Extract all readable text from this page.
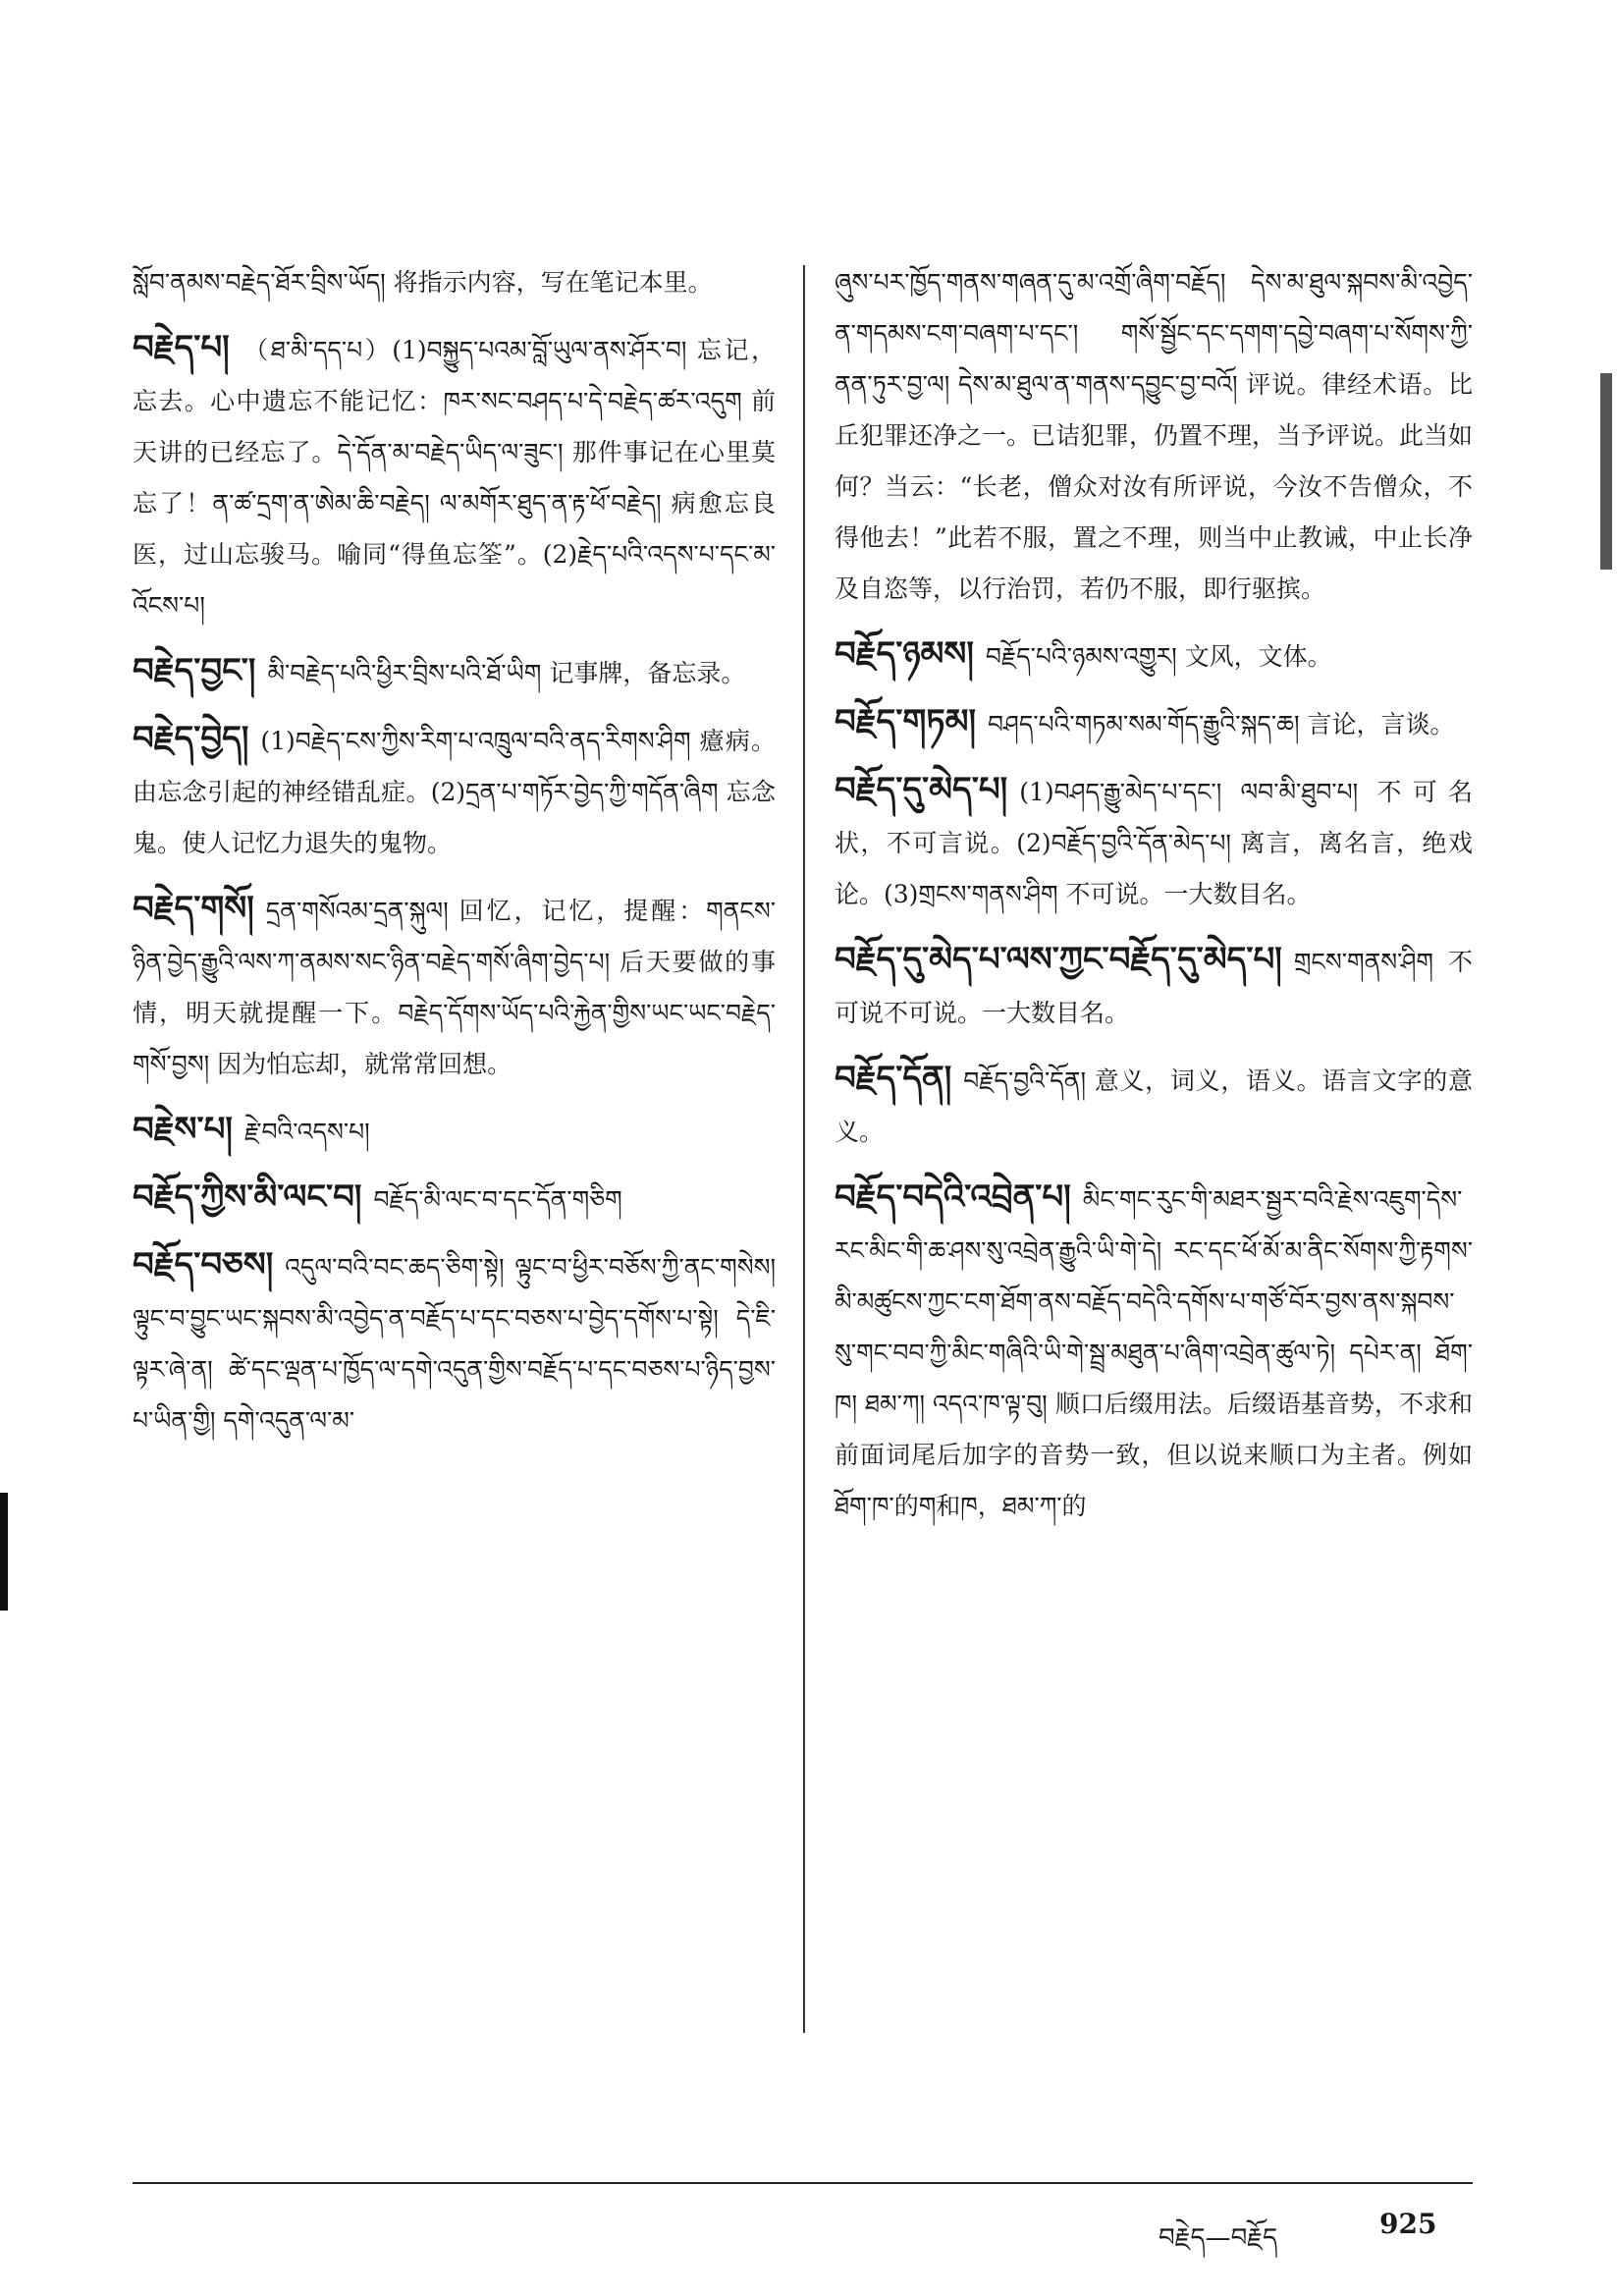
སློབ་ནམས་བརྗེད་ཐོར་བྲིས་ཡོད། 将指示内容，写在笔记本里。
བརྗེད་པ། （ཐ་མི་དད་པ）(1)བསྐྱུད་པའམ་བློ་ཡུལ་ནས་ཤོར་བ། 忘记，忘去。心中遗忘不能记忆：ཁར་སང་བཤད་པ་དེ་བརྗེད་ཚར་འདུག 前天讲的已经忘了。དེ་དོན་མ་བརྗེད་ཡིད་ལ་ཟུང་། 那件事记在心里莫忘了！ན་ཚ་དྲག་ན་ཨེམ་ཆི་བརྗེད། ལ་མགོར་ཐུད་ན་རྟ་ཕོ་བརྗེད། 病愈忘良医，过山忘骏马。喻同“得鱼忘筌”。(2)རྗེད་པའི་འདས་པ་དང་མ་འོངས་པ།
བརྗེད་བྱང་། མི་བརྗེད་པའི་ཕྱིར་བྲིས་པའི་ཐོ་ཡིག 记事牌，备忘录。
བརྗེད་བྱེད། (1)བརྗེད་ངས་ཀྱིས་རིག་པ་འཁྲུལ་བའི་ནད་རིགས་ཤིག 癔病。由忘念引起的神经错乱症。(2)དྲན་པ་གཏོར་བྱེད་ཀྱི་གདོན་ཞིག 忘念鬼。使人记忆力退失的鬼物。
བརྗེད་གསོ། དྲན་གསོའམ་དྲན་སྐུལ། 回忆，记忆，提醒：གནངས་ཉིན་བྱེད་རྒྱུའི་ལས་ཀ་ནམས་སང་ཉིན་བརྗེད་གསོ་ཞིག་བྱེད་པ། 后天要做的事情，明天就提醒一下。བརྗེད་དོགས་ཡོད་པའི་རྐྱེན་གྱིས་ཡང་ཡང་བརྗེད་གསོ་བྱས། 因为怕忘却，就常常回想。
བརྗེས་པ། རྗེ་བའི་འདས་པ།
བརྗོད་ཀྱིས་མི་ལང་བ། བརྗོད་མི་ལང་བ་དང་དོན་གཅིག
བརྗོད་བཅས། འདུལ་བའི་བང་ཆད་ཅིག་སྟེ། ལྟུང་བ་ཕྱིར་བཅོས་ཀྱི་ནང་གསེས། ལྟུང་བ་བྱུང་ཡང་སྐབས་མི་འབྱེད་ན་བརྗོད་པ་དང་བཅས་པ་བྱེད་དགོས་པ་སྟེ། དེ་ཇི་ལྟར་ཞེ་ན། ཚེ་དང་ལྡན་པ་ཁྱོད་ལ་དགེ་འདུན་གྱིས་བརྗོད་པ་དང་བཅས་པ་ཉིད་བྱས་པ་ཡིན་གྱི། དགེ་འདུན་ལ་མ་
ཞུས་པར་ཁྱོད་གནས་གཞན་དུ་མ་འགྲོ་ཞིག་བརྗོད། དེས་མ་ཐུལ་སྐབས་མི་འབྱེད་ན་གདམས་ངག་བཞག་པ་དང་། གསོ་སྦྱོང་དང་དགག་དབྱེ་བཞག་པ་སོགས་ཀྱི་ནན་ཏུར་བྱ་ལ། དེས་མ་ཐུལ་ན་གནས་དབྱུང་བྱ་བའོ། 评说。律经术语。比丘犯罪还净之一。已诘犯罪，仍置不理，当予评说。此当如何？当云：“长老，僧众对汝有所评说，今汝不告僧众，不得他去！”此若不服，置之不理，则当中止教诫，中止长净及自恣等，以行治罚，若仍不服，即行驱摈。
བརྗོད་ཉམས། བརྗོད་པའི་ཉམས་འགྱུར། 文风，文体。
བརྗོད་གཏམ། བཤད་པའི་གཏམ་སམ་གོད་རྒྱུའི་སྐད་ཆ། 言论，言谈。
བརྗོད་དུ་མེད་པ། (1)བཤད་རྒྱུ་མེད་པ་དང་། ལབ་མི་ཐུབ་པ། 不可名状，不可言说。(2)བརྗོད་བྱའི་དོན་མེད་པ། 离言，离名言，绝戏论。(3)གྲངས་གནས་ཤིག 不可说。一大数目名。
བརྗོད་དུ་མེད་པ་ལས་ཀྱང་བརྗོད་དུ་མེད་པ། གྲངས་གནས་ཤིག 不可说不可说。一大数目名。
བརྗོད་དོན། བརྗོད་བྱའི་དོན། 意义，词义，语义。语言文字的意义。
བརྗོད་བདེའི་འབྲེན་པ། མིང་གང་རུང་གི་མཐར་སྦྱར་བའི་རྗེས་འཇུག་དེས་རང་མིང་གི་ཆ་ཤས་སུ་འབྲེན་རྒྱུའི་ཡི་གེ་དེ། རང་དང་ཕོ་མོ་མ་ནིང་སོགས་ཀྱི་རྟགས་མི་མཚུངས་ཀྱང་ངག་ཐོག་ནས་བརྗོད་བདེའི་དགོས་པ་གཙོ་བོར་བྱས་ནས་སྐབས་སུ་གང་བབ་ཀྱི་མིང་གཞིའི་ཡི་གེ་སྦྲ་མཐུན་པ་ཞིག་འབྲེན་ཚུལ་ཏེ། དཔེར་ན། ཐོག་ཁ། ཐམ་ཀ། འདའ་ཁ་ལྟ་བུ། 顺口后缀用法。后缀语基音势，不求和前面词尾后加字的音势一致，但以说来顺口为主者。例如ཐོག་ཁ་的ག和ཁ，ཐམ་ཀ་的
བརྗེད—བརྗོད	925
